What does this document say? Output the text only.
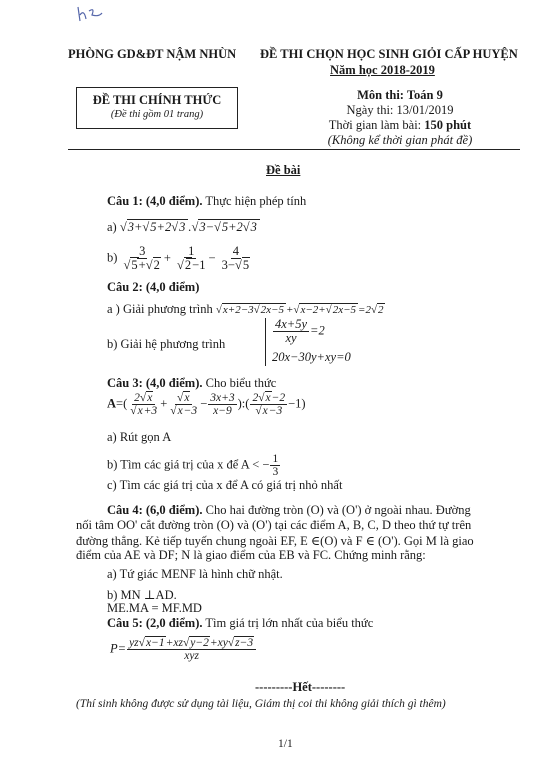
PHÒNG GD&ĐT NẬM NHÙN ĐỀ THI CHỌN HỌC SINH GIỎI CẤP HUYỆN
Năm học 2018-2019
ĐỀ THI CHÍNH THỨC
(Đề thi gồm 01 trang)
Môn thi: Toán 9
Ngày thi: 13/01/2019
Thời gian làm bài: 150 phút
(Không kể thời gian phát đề)
Đề bài
Câu 1: (4,0 điểm). Thực hiện phép tính
a) √3+√5+2√3 .√3−√5+2√3
$b) \frac{3}{√5+√2} + \frac{1}{√2-1} - \frac{4}{3-√5}$
Câu 2: (4,0 điểm)
a ) Giải phương trình √x+2−3√2x−5 +√x−2+√2x−5 =2√2
b) Giải hệ phương trình	$\frac{4x+5y}{xy} =2$
20x−30y+xy=0
Câu 3: (4,0 điểm). Cho biểu thức
$A=( \frac{2√x}{√x+3} + \frac{√x}{√x-3} - \frac{3x+3}{x-9}$ ):( $\frac{2√x-2}{√x-3} -1$)
a) Rút gọn A
b) Tìm các giá trị của x để A < − $\frac{1}{3}$
c) Tìm các giá trị của x để A có giá trị nhỏ nhất
Câu 4: (6,0 điểm). Cho hai đường tròn (O) và (O') ở ngoài nhau. Đường
nối tâm OO' cắt đường tròn (O) và (O') tại các điểm A, B, C, D theo thứ tự trên
đường thẳng. Kẻ tiếp tuyến chung ngoài EF, E ∈(O) và F ∈ (O'). Gọi M là giao
điểm của AE và DF; N là giao điểm của EB và FC. Chứng minh rằng:
a) Tứ giác MENF là hình chữ nhật.
b) MN ⊥AD.
ME.MA = MF.MD
Câu 5: (2,0 điểm). Tìm giá trị lớn nhất của biểu thức
$P= \frac{yz√x-1+xz√y-2+xy√z-3}{\text{xyz}}$
---------Hết--------
(Thí sinh không được sử dụng tài liệu, Giám thị coi thi không giải thích gì thêm)
1/1
